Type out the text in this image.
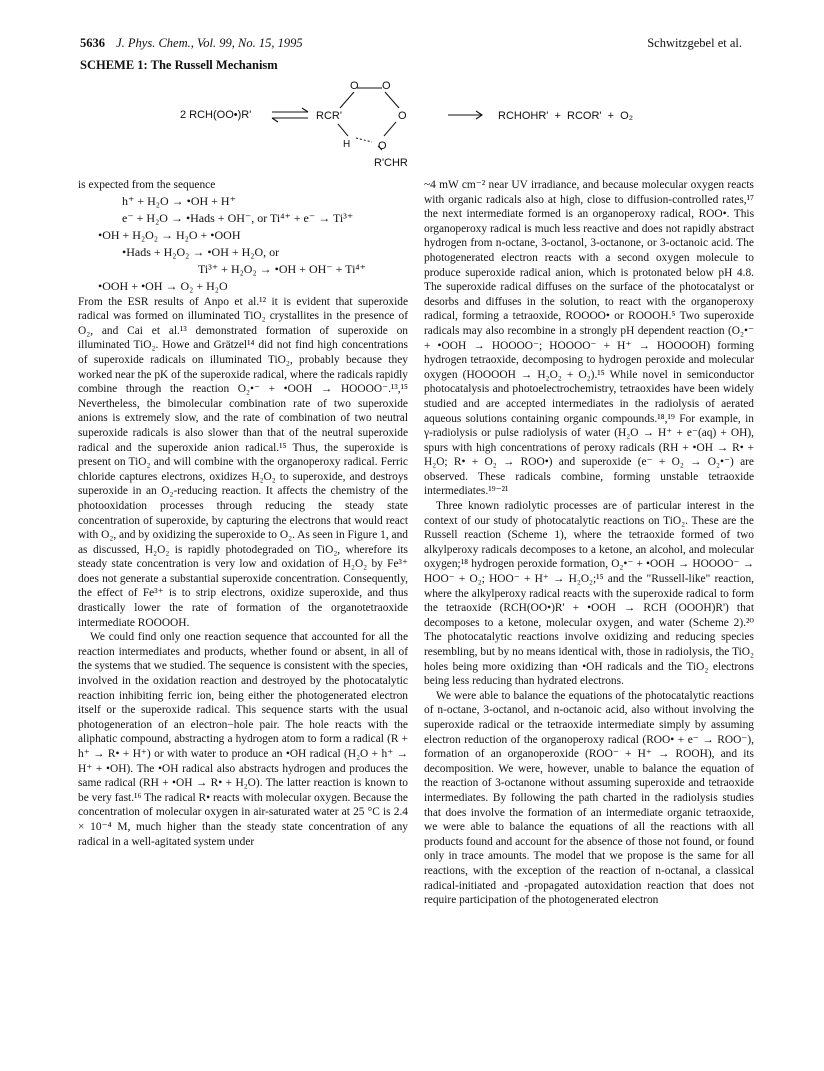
5636 J. Phys. Chem., Vol. 99, No. 15, 1995	Schwitzgebel et al.
SCHEME 1: The Russell Mechanism
2 RCH(OO•)R'
O O
O
O
RCR'
H
R'CHR
RCHOHR'  +  RCOR'  +  O₂

is expected from the sequence

h⁺ + H₂O → •OH + H⁺

e⁻ + H₂O → •Hads + OH⁻, or Ti⁴⁺ + e⁻ → Ti³⁺

•OH + H₂O₂ → H₂O + •OOH

•Hads + H₂O₂ → •OH + H₂O, or

Ti³⁺ + H₂O₂ → •OH + OH⁻ + Ti⁴⁺

•OOH + •OH → O₂ + H₂O

From the ESR results of Anpo et al.¹² it is evident that superoxide radical was formed on illuminated TiO₂ crystallites in the presence of O₂, and Cai et al.¹³ demonstrated formation of superoxide on illuminated TiO₂. Howe and Grätzel¹⁴ did not find high concentrations of superoxide radicals on illuminated TiO₂, probably because they worked near the pK of the superoxide radical, where the radicals rapidly combine through the reaction O₂•⁻ + •OOH → HOOOO⁻.¹³,¹⁵ Nevertheless, the bimolecular combination rate of two superoxide anions is extremely slow, and the rate of combination of two neutral superoxide radicals is also slower than that of the neutral superoxide radical and the superoxide anion radical.¹⁵ Thus, the superoxide is present on TiO₂ and will combine with the organoperoxy radical. Ferric chloride captures electrons, oxidizes H₂O₂ to superoxide, and destroys superoxide in an O₂-reducing reaction. It affects the chemistry of the photooxidation processes through reducing the steady state concentration of superoxide, by capturing the electrons that would react with O₂, and by oxidizing the superoxide to O₂. As seen in Figure 1, and as discussed, H₂O₂ is rapidly photodegraded on TiO₂, wherefore its steady state concentration is very low and oxidation of H₂O₂ by Fe³⁺ does not generate a substantial superoxide concentration. Consequently, the effect of Fe³⁺ is to strip electrons, oxidize superoxide, and thus drastically lower the rate of formation of the organotetraoxide intermediate ROOOOH.

We could find only one reaction sequence that accounted for all the reaction intermediates and products, whether found or absent, in all of the systems that we studied. The sequence is consistent with the species, involved in the oxidation reaction and destroyed by the photocatalytic reaction inhibiting ferric ion, being either the photogenerated electron itself or the superoxide radical. This sequence starts with the usual photogeneration of an electron−hole pair. The hole reacts with the aliphatic compound, abstracting a hydrogen atom to form a radical (R + h⁺ → R• + H⁺) or with water to produce an •OH radical (H₂O + h⁺ → H⁺ + •OH). The •OH radical also abstracts hydrogen and produces the same radical (RH + •OH → R• + H₂O). The latter reaction is known to be very fast.¹⁶ The radical R• reacts with molecular oxygen. Because the concentration of molecular oxygen in air-saturated water at 25 °C is 2.4 × 10⁻⁴ M, much higher than the steady state concentration of any radical in a well-agitated system under

~4 mW cm⁻² near UV irradiance, and because molecular oxygen reacts with organic radicals also at high, close to diffusion-controlled rates,¹⁷ the next intermediate formed is an organoperoxy radical, ROO•. This organoperoxy radical is much less reactive and does not rapidly abstract hydrogen from n-octane, 3-octanol, 3-octanone, or 3-octanoic acid. The photogenerated electron reacts with a second oxygen molecule to produce superoxide radical anion, which is protonated below pH 4.8. The superoxide radical diffuses on the surface of the photocatalyst or desorbs and diffuses in the solution, to react with the organoperoxy radical, forming a tetraoxide, ROOOO• or ROOOH.⁵ Two superoxide radicals may also recombine in a strongly pH dependent reaction (O₂•⁻ + •OOH → HOOOO⁻; HOOOO⁻ + H⁺ → HOOOOH) forming hydrogen tetraoxide, decomposing to hydrogen peroxide and molecular oxygen (HOOOOH → H₂O₂ + O₂).¹⁵ While novel in semiconductor photocatalysis and photoelectrochemistry, tetraoxides have been widely studied and are accepted intermediates in the radiolysis of aerated aqueous solutions containing organic compounds.¹⁸,¹⁹ For example, in γ-radiolysis or pulse radiolysis of water (H₂O → H⁺ + e⁻(aq) + OH), spurs with high concentrations of peroxy radicals (RH + •OH → R• + H₂O; R• + O₂ → ROO•) and superoxide (e⁻ + O₂ → O₂•⁻) are observed. These radicals combine, forming unstable tetraoxide intermediates.¹⁹⁻²¹

Three known radiolytic processes are of particular interest in the context of our study of photocatalytic reactions on TiO₂. These are the Russell reaction (Scheme 1), where the tetraoxide formed of two alkylperoxy radicals decomposes to a ketone, an alcohol, and molecular oxygen;¹⁸ hydrogen peroxide formation, O₂•⁻ + •OOH → HOOOO⁻ → HOO⁻ + O₂; HOO⁻ + H⁺ → H₂O₂;¹⁵ and the "Russell-like" reaction, where the alkylperoxy radical reacts with the superoxide radical to form the tetraoxide (RCH(OO•)R' + •OOH → RCH (OOOH)R') that decomposes to a ketone, molecular oxygen, and water (Scheme 2).²⁰ The photocatalytic reactions involve oxidizing and reducing species resembling, but by no means identical with, those in radiolysis, the TiO₂ holes being more oxidizing than •OH radicals and the TiO₂ electrons being less reducing than hydrated electrons.

We were able to balance the equations of the photocatalytic reactions of n-octane, 3-octanol, and n-octanoic acid, also without involving the superoxide radical or the tetraoxide intermediate simply by assuming electron reduction of the organoperoxy radical (ROO• + e⁻ → ROO⁻), formation of an organoperoxide (ROO⁻ + H⁺ → ROOH), and its decomposition. We were, however, unable to balance the equation of the reaction of 3-octanone without assuming superoxide and tetraoxide intermediates. By following the path charted in the radiolysis studies that does involve the formation of an intermediate organic tetraoxide, we were able to balance the equations of all the reactions with all products found and account for the absence of those not found, or found only in trace amounts. The model that we propose is the same for all reactions, with the exception of the reaction of n-octanal, a classical radical-initiated and -propagated autoxidation reaction that does not require participation of the photogenerated electron
